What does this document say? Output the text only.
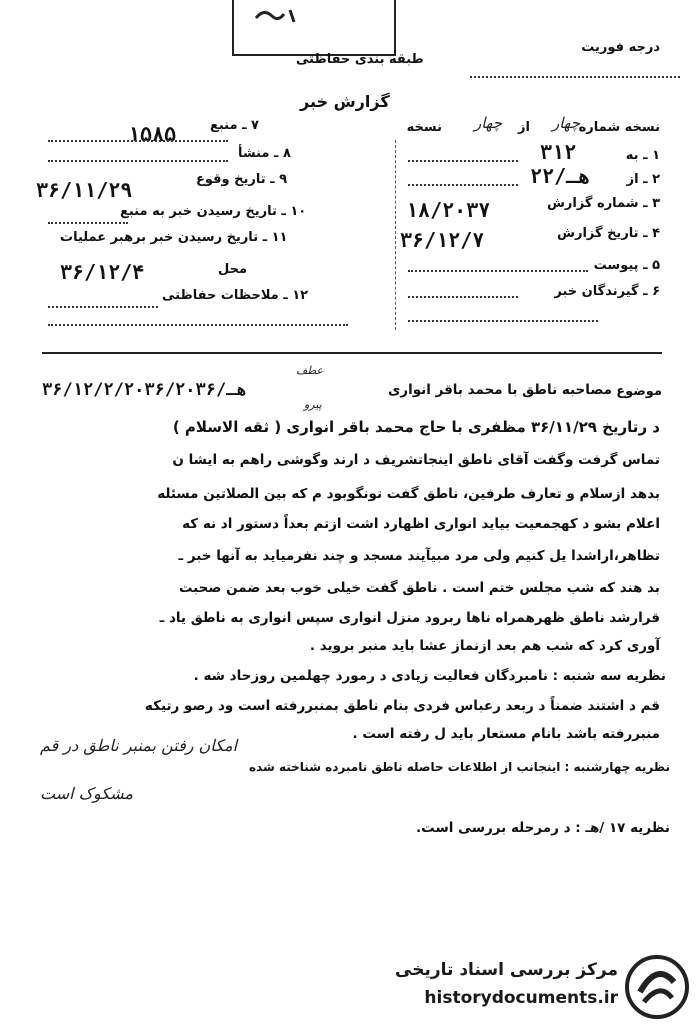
طبقه بندی حفاظتی
درجه فوریت
گزارش خبر
نسخه شماره
چهار
از
چهار
نسخه
۱ ـ به
۳۱۲
۲ ـ از
۲۲/هـ
۳ ـ شماره گزارش
۱۸/۲۰۳۷
۴ ـ تاریخ گزارش
۳۶/۱۲/۷
۵ ـ پیوست
۶ ـ گیرندگان خبر
۷ ـ منبع
۱۵۸۵
۸ ـ منشأ
۹ ـ تاریخ وقوع
۳۶/۱۱/۲۹
۱۰ ـ تاریخ رسیدن خبر به منبع
۱۱ ـ تاریخ رسیدن خبر برهبر عملیات
محل
۳۶/۱۲/۴
۱۲ ـ ملاحظات حفاظتی
موضوع
مصاحبه ناطق با محمد باقر انواری
عطف
پیرو
۳۶/۱۲/۲/۲۰۳۶/۲۰۳۶/هـ
د رتاریخ ۳۶/۱۱/۲۹ مظفری با حاج محمد باقر انواری ( ثقه الاسلام )
تماس گرفت وگفت آقای ناطق اینجاتشریف د ارند وگوشی راهم به ایشا ن
بدهد ازسلام و تعارف طرفین، ناطق گفت تونگوبود م که بین الصلاتین مسئله
اعلام بشو د کهجمعیت بیاید انواری اظهارد اشت ازتم بعداً دستور اد نه که
تظاهر،اراشدا یل کنیم ولی مرد مبیآیند مسجد و چند نفرمیاید به آنها خبر ـ
بد هند که شب مجلس ختم است . ناطق گفت خیلی خوب بعد ضمن صحبت
قرارشد ناطق ظهرهمراه ناها ربرود منزل انواری سپس انواری به ناطق یاد ـ
آوری کرد که شب هم بعد ازنماز عشا باید منبر بروید .
نظریه سه شنبه : نامبردگان فعالیت زیادی د رمورد چهلمین روزحاد شه .
قم د اشتند ضمناً د ربعد رعباس فردی بنام ناطق بمنبررفته است ود رصو رتیکه
منبررفته باشد بانام مستعار باید ل رفته است .
نظریه چهارشنبه : اینجانب از اطلاعات حاصله ناطق نامبرده شناخته شده
نظریه ۱۷ /هـ : د رمرحله بررسی است.
امکان رفتن بمنبر ناطق در قم
مشکوک است
مرکز بررسی اسناد تاریخی
historydocuments.ir
